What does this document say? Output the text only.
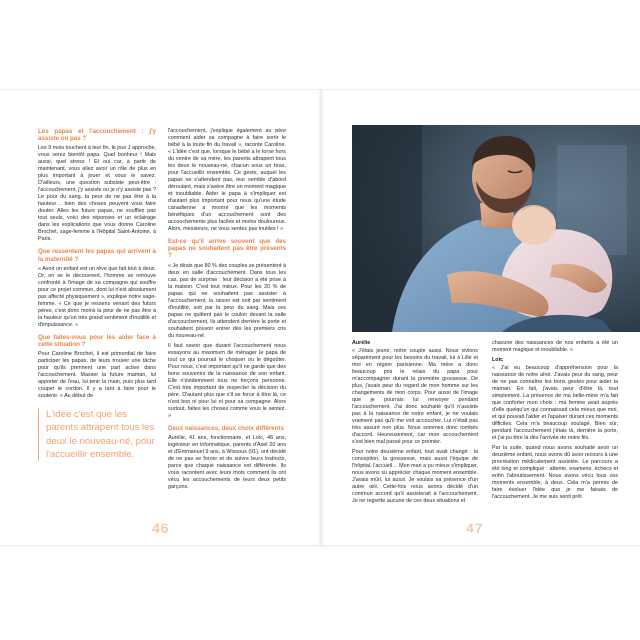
Les papas et l'accouchement : j'y assiste ou pas ?

Les 9 mois touchent à leur fin, le jour J approche, vous serez bientôt papa. Quel bonheur ! Mais aussi, quel stress ! Et oui car, à partir de maintenant, vous allez avoir un rôle de plus en plus important à jouer et vous le savez. D'ailleurs, une question subsiste peut-être : l'accouchement, j'y assiste ou je n'y assiste pas ? Le pour du sang, la peur de ne pas être à la hauteur… bien des choses peuvent vous faire douter. Alles les futurs papas, ne soufflez pas tout seuls, voici des réponses et un éclairage dans les explications que vous donne Caroline Brochet, sage-femme à l'Hôpital Saint-Antoine, à Paris.

Que ressentent les papas qui arrivent à la maternité ?

« Avoir un enfant est un rêve que fait tout à deux. Or, on se le découvrent, l'homme se retrouve confronté à l'image de sa compagne qui souffre pour ce projet commun, dont lui n'est absolument pas affecté physiquement », explique notre sage-femme. « Ce que je ressens venant des futurs pères, c'est donc moins la peur de ne pas être à la hauteur qu'un très grand sentiment d'inutilité et d'impuissance. »

Que faites-vous pour les aider face à cette situation ?

Pour Caroline Brochet, il est primordial de faire participer les papas, de leurs trouver une tâche pour qu'ils prennent une part active dans l'accouchement. Masser la future maman, lui apporter de l'eau, lui tenir la main, puis plus tard couper le cordon. Il y a tant à faire pour le soutenir. « Au début de

L'idée c'est que les parents attrapent tous les deux le nouveau-né, pour l'accueillir ensemble.

l'accouchement, j'explique également au père comment aider sa compagne à faire sortir le bébé à la toute fin du travail », raconte Caroline. « L'idée c'est que, lorsque le bébé a le torse hors du ventre de sa mère, les parents attrapent tous les deux le nouveau-né, chacun sous un bras, pour l'accueillir ensemble. Ce geste, auquel les papas ne s'attendent pas, leur semble d'abord déroutant, mais s'avère être un moment magique et inoubliable. Aider le papa à s'impliquer est d'autant plus important pour nous qu'une étude canadienne a montré que les moments bénéfiques d'un accouchement sont des accouchements plus faciles et moins douloureux. Alors, messieurs, ne vous sentez pas inutiles ! »

Est-ce qu'il arrive souvent que des papas ne souhaitent pas être présents ?

« Je dirais que 80 % des couples se présentent à deux en salle d'accouchement. Dans tous les cas, pas de surprise : leur décision a été prise à la maison. C'est tout mieux. Pour les 20 % de papas qui ne souhaitent pas assister à l'accouchement, la raison est soit par sentiment d'inutilité, soit par la peur du sang. Mais ces papas ne quittent pas le couloir devant la salle d'accouchement, ils attendent derrière la porte et souhaitent pouvoir entrer dès les premiers cris du nouveau-né.

Il faut savoir que durant l'accouchement nous essayons au maximum de ménager le papa de tout ce qui pourrait le choquer ou le dégoûter. Pour nous, c'est important qu'il ne garde que des bons souvenirs de la naissance de son enfant. Elle n'évidemment tous ne forçons personne. C'est très important de respecter la décision du père. D'autant plus que s'il se force à être là, ce n'est bon ni pour lui ni pour sa compagne. Alors surtout, faites les choses comme vous le sentez. »

Deux naissances, deux choix différents

Aurélie, 41 ans, fonctionnaire, et Loïc, 46 ans, ingénieur en informatique, parents d'Axel 20 ans et d'Emmanuel 9 ans, à Wissous (91), ont décidé de ne pas se forcer et de suivre leurs instincts, parce que chaque naissance est différente. Ils vous racontent avec leurs mots comment ils ont vécu les accouchements de leurs deux petits garçons.

46
Aurélie

« J'étais jeune, notre couple aussi. Nous vivions séparément pour les besoins du travail, lui à Lille et moi en région parisienne. Ma mère a donc beaucoup pris le relais du papa pour m'accompagner durant la première grossesse. De plus, j'avais peur du regard de mon homme sur les changements de mon corps. Pour aussi de l'image que je pourrais lui renvoyer pendant l'accouchement. J'ai donc souhaité qu'il n'assiste pas à la naissance de notre enfant, je ne voulais vraiment pas qu'il me voit accoucher. Lui n'était pas très assuré non plus. Nous sommes donc tombés d'accord. Heureusement, car mon accouchement s'est bien mal passé pour ce premier.

Pour notre deuxième enfant, tout avait changé : la conception, la grossesse, mais aussi l'équipe de l'hôpital, l'accueil… Mon mari a pu mieux s'impliquer, nous avons su apprécier chaque moment ensemble. J'avais mûri, lui aussi. Je voulais sa présence d'un autre œil. Cette-fois nous avons décidé d'un commun accord qu'il assisterait à l'accouchement. Je ne regrette aucune de ces deux situations et

chacune des naissances de nos enfants a été un moment magique et inoubliable. »

Loïc

« J'ai eu beaucoup d'appréhension pour la naissance de notre aîné. J'avais peur du sang, peur de ne pas connaître les bons gestes pour aider la maman. En fait, j'avais peur d'être là, tout simplement. La présence de ma belle-mère m'a fait que conforter mon choix : ma femme avait auprès d'elle quelqu'un qui connaissait cela mieux que moi, et qui pouvait l'aider et l'apaiser durant ces moments difficiles. Cela m'a beaucoup soulagé. Bien sûr, pendant l'accouchement j'étais là, derrière la porte, et j'ai pu être là dès l'arrivée de notre fils.

Par la suite, quand nous avons souhaité avoir un deuxième enfant, nous avons dû avoir recours à une procréation médicalement assistée. Le parcours a été long et compliqué : attente, examens, échecs et enfin l'aboutissement. Nous avons vécu tous ces moments ensemble, à deux. Cela m'a permis de faire évoluer l'idée que je me faisais de l'accouchement. Je me suis senti prêt

47
